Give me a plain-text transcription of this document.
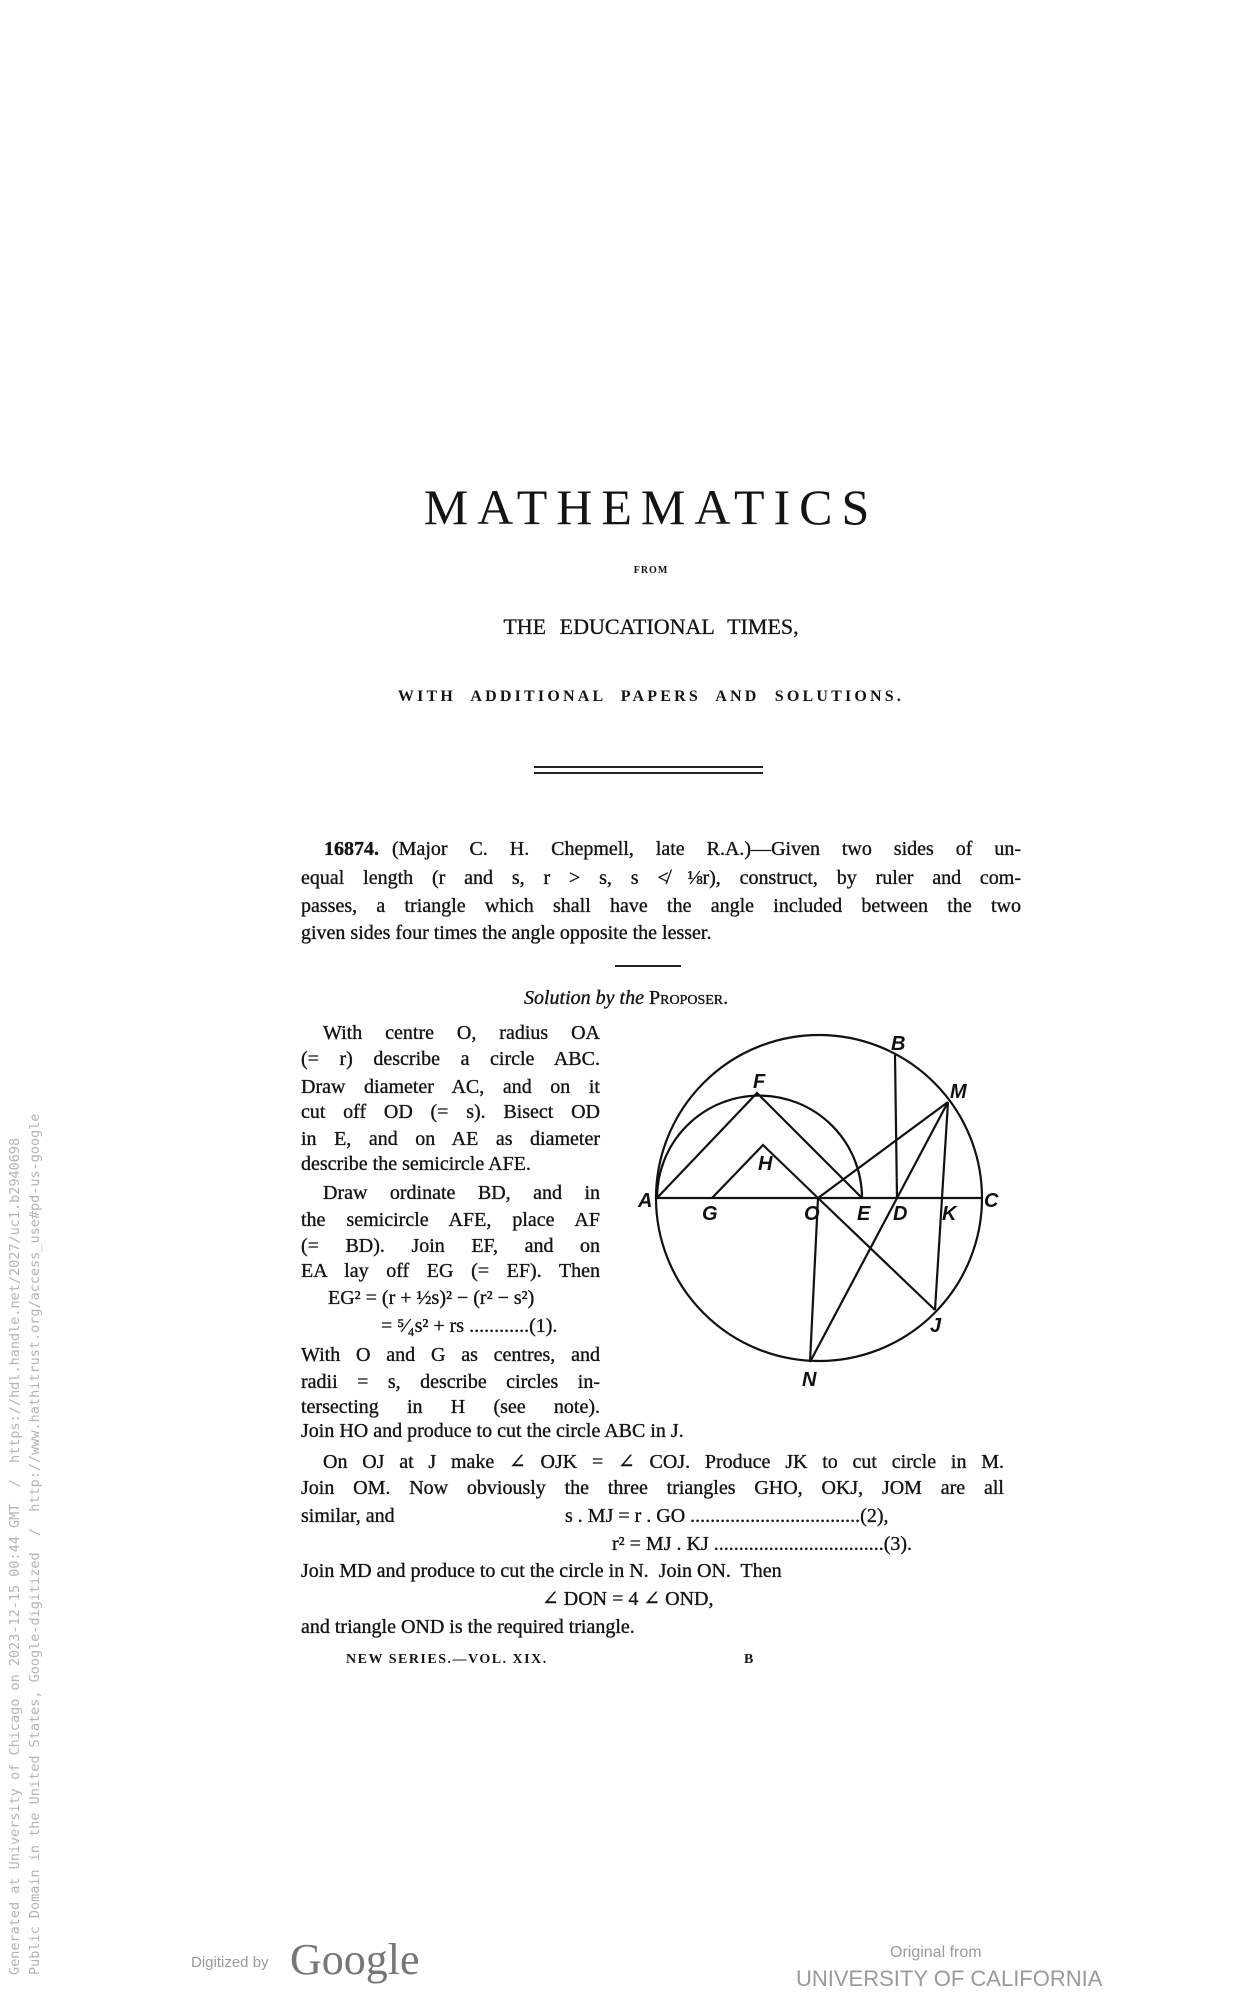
MATHEMATICS
FROM
THE EDUCATIONAL TIMES,
WITH ADDITIONAL PAPERS AND SOLUTIONS.
16874. (Major C. H. Chepmell, late R.A.)—Given two sides of un-
equal length (r and s, r > s, s ≮ ⅛r), construct, by ruler and com-
passes, a triangle which shall have the angle included between the two
given sides four times the angle opposite the lesser.
Solution by the Proposer.
With centre O, radius OA
(= r) describe a circle ABC.
Draw diameter AC, and on it
cut off OD (= s). Bisect OD
in E, and on AE as diameter
describe the semicircle AFE.
Draw ordinate BD, and in
the semicircle AFE, place AF
(= BD). Join EF, and on
EA lay off EG (= EF). Then
EG² = (r + ½s)² − (r² − s²)
= ⁵⁄₄s² + rs ............(1).
With O and G as centres, and
radii = s, describe circles in-
tersecting in H (see note).
A
B
C
D
E
F
G
H
J
K
M
N
O
Join HO and produce to cut the circle ABC in J.
On OJ at J make ∠ OJK = ∠ COJ. Produce JK to cut circle in M.
Join OM. Now obviously the three triangles GHO, OKJ, JOM are all
similar, and	s . MJ = r . GO ..................................(2),
r² = MJ . KJ ..................................(3).
Join MD and produce to cut the circle in N.  Join ON.  Then
∠ DON = 4 ∠ OND,
and triangle OND is the required triangle.
NEW SERIES.—VOL. XIX.	B
Generated at University of Chicago on 2023-12-15 00:44 GMT  /  https://hdl.handle.net/2027/uc1.b2940698 Public Domain in the United States, Google-digitized  /  http://www.hathitrust.org/access_use#pd-us-google	Digitized by Google	Original from
UNIVERSITY OF CALIFORNIA
